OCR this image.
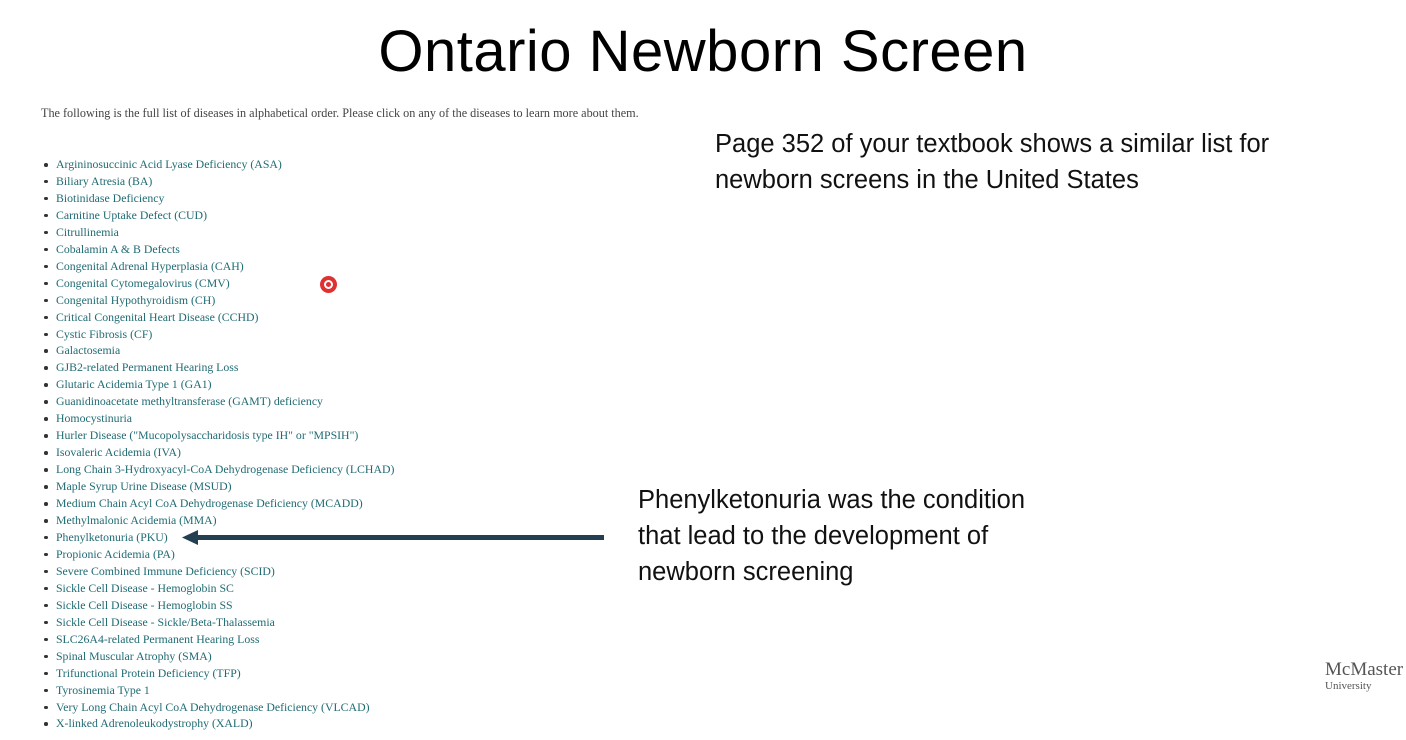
Ontario Newborn Screen
The following is the full list of diseases in alphabetical order. Please click on any of the diseases to learn more about them.
Argininosuccinic Acid Lyase Deficiency (ASA)
Biliary Atresia (BA)
Biotinidase Deficiency
Carnitine Uptake Defect (CUD)
Citrullinemia
Cobalamin A & B Defects
Congenital Adrenal Hyperplasia (CAH)
Congenital Cytomegalovirus (CMV)
Congenital Hypothyroidism (CH)
Critical Congenital Heart Disease (CCHD)
Cystic Fibrosis (CF)
Galactosemia
GJB2-related Permanent Hearing Loss
Glutaric Acidemia Type 1 (GA1)
Guanidinoacetate methyltransferase (GAMT) deficiency
Homocystinuria
Hurler Disease ("Mucopolysaccharidosis type IH" or "MPSIH")
Isovaleric Acidemia (IVA)
Long Chain 3-Hydroxyacyl-CoA Dehydrogenase Deficiency (LCHAD)
Maple Syrup Urine Disease (MSUD)
Medium Chain Acyl CoA Dehydrogenase Deficiency (MCADD)
Methylmalonic Acidemia (MMA)
Phenylketonuria (PKU)
Propionic Acidemia (PA)
Severe Combined Immune Deficiency (SCID)
Sickle Cell Disease - Hemoglobin SC
Sickle Cell Disease - Hemoglobin SS
Sickle Cell Disease - Sickle/Beta-Thalassemia
SLC26A4-related Permanent Hearing Loss
Spinal Muscular Atrophy (SMA)
Trifunctional Protein Deficiency (TFP)
Tyrosinemia Type 1
Very Long Chain Acyl CoA Dehydrogenase Deficiency (VLCAD)
X-linked Adrenoleukodystrophy (XALD)
Page 352 of your textbook shows a similar list for
newborn screens in the United States
Phenylketonuria was the condition
that lead to the development of
newborn screening
McMaster
University
